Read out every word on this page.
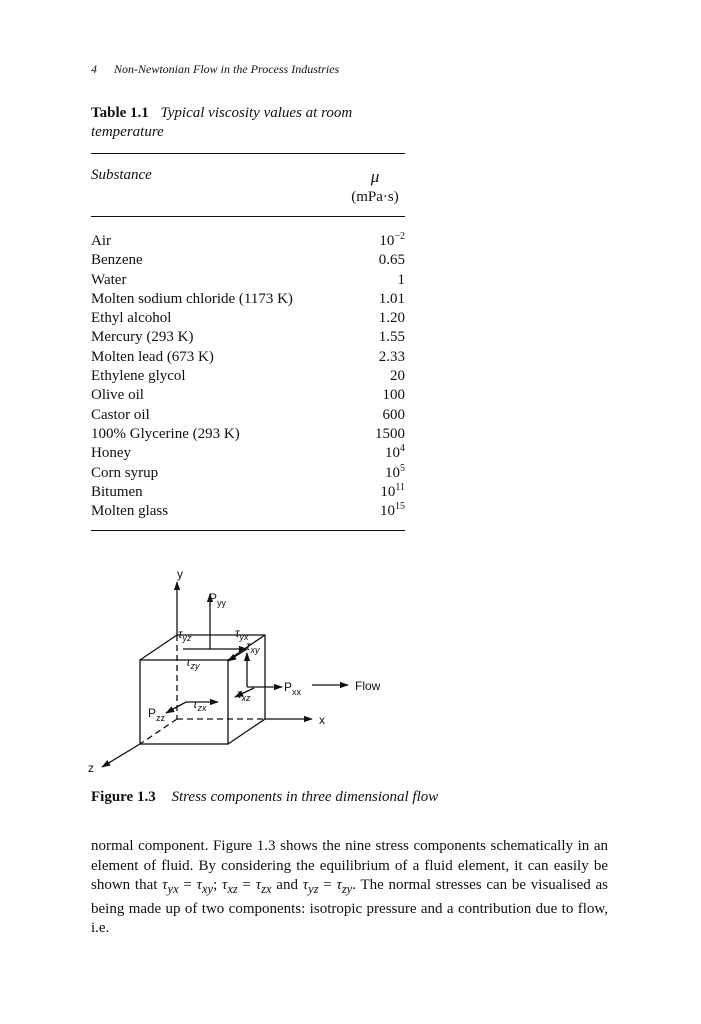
4 Non-Newtonian Flow in the Process Industries
Table 1.1 Typical viscosity values at room temperature
Substance	μ
(mPa·s)
Air	$10^{-2}$
Benzene	0.65
Water	1
Molten sodium chloride (1173 K)	1.01
Ethyl alcohol	1.20
Mercury (293 K)	1.55
Molten lead (673 K)	2.33
Ethylene glycol	20
Olive oil	100
Castor oil	600
100% Glycerine (293 K)	1500
Honey	$10^4$
Corn syrup	$10^5$
Bitumen	$10^{11}$
Molten glass	$10^{15}$
y
x
z
Flow
$P_{yy}$
$P_{xx}$
$P_{zz}$
$\tau_{yz}$	$\tau_{yx}$
$\tau_{xy}$
$\tau_{zy}$
$\tau_{xz}$
$\tau_{zx}$
Figure 1.3 Stress components in three dimensional flow

normal component. Figure 1.3 shows the nine stress components schematically in an element of fluid. By considering the equilibrium of a fluid element, it can easily be shown that $\tau_{yx} = \tau_{xy}$; $\tau_{xz} = \tau_{zx}$ and $\tau_{yz} = \tau_{zy}$. The normal stresses can be visualised as being made up of two components: isotropic pressure and a contribution due to flow, i.e.
